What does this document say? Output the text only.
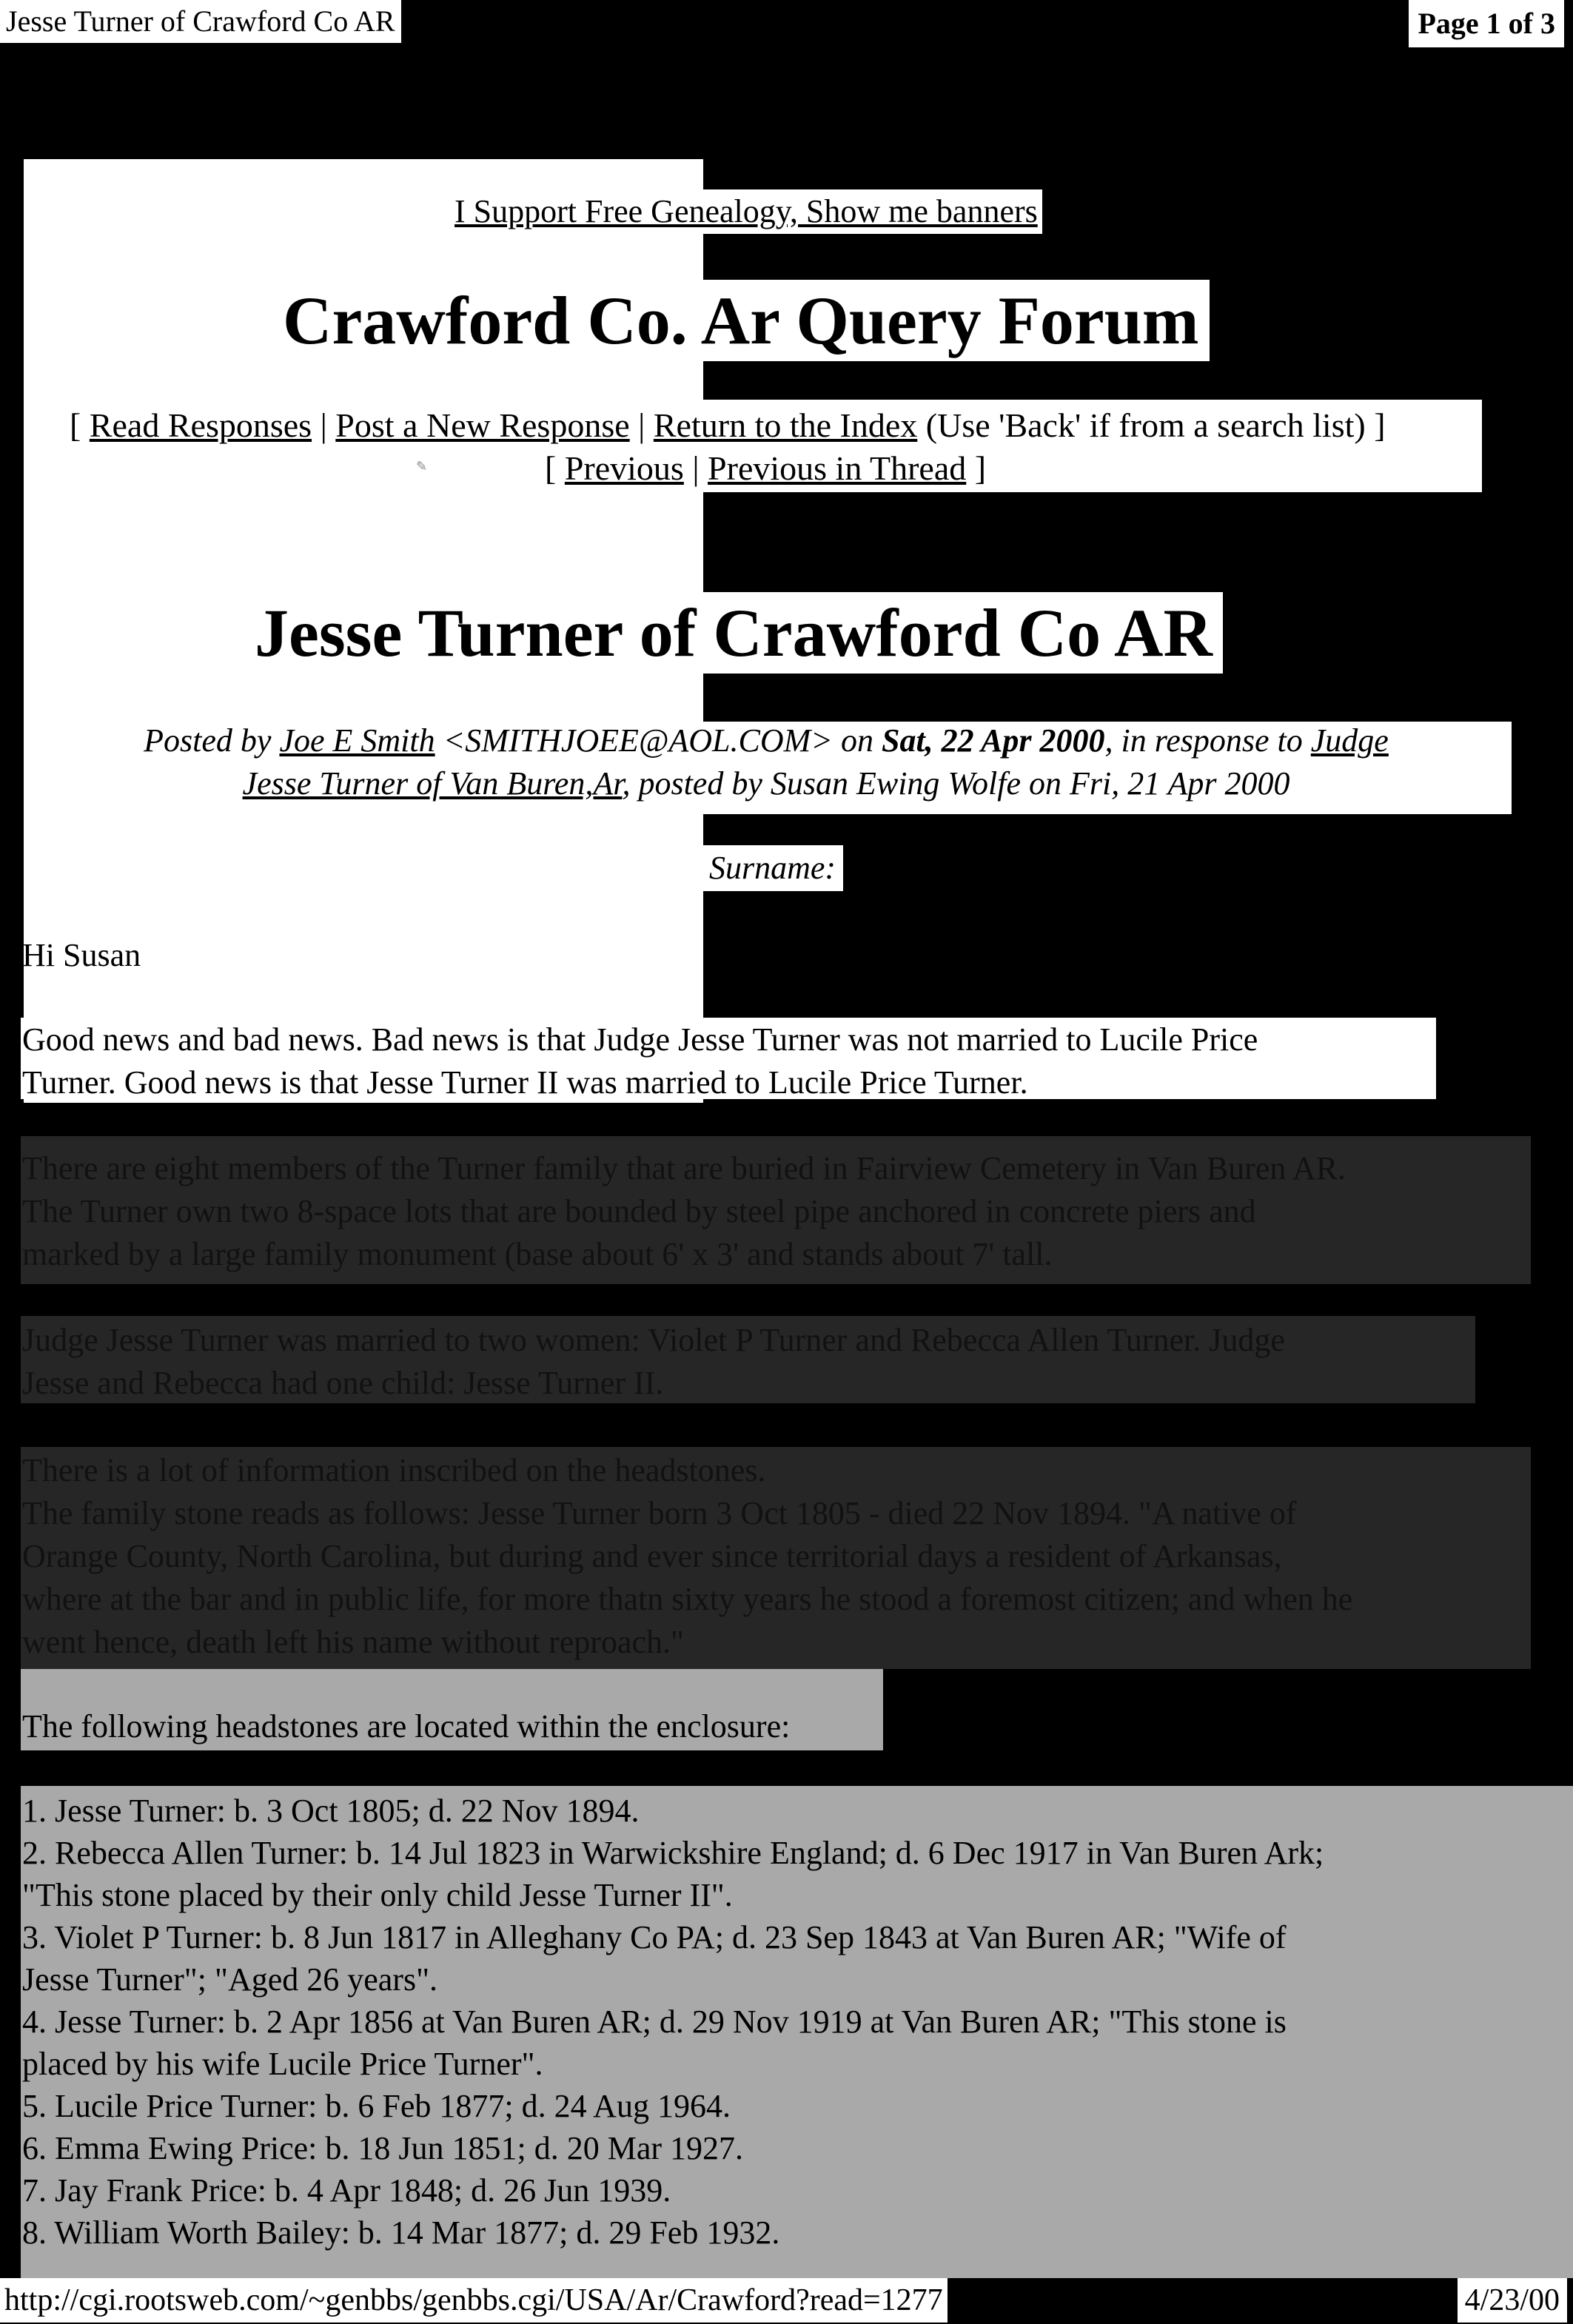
Jesse Turner of Crawford Co AR	Page 1 of 3
I Support Free Genealogy, Show me banners
Crawford Co. Ar Query Forum
[ Read Responses | Post a New Response | Return to the Index (Use 'Back' if from a search list) ]
[ Previous | Previous in Thread ]
✎
Jesse Turner of Crawford Co AR
Posted by Joe E Smith <SMITHJOEE@AOL.COM> on Sat, 22 Apr 2000, in response to Judge
Jesse Turner of Van Buren,Ar, posted by Susan Ewing Wolfe on Fri, 21 Apr 2000
Surname:
Hi Susan
Good news and bad news. Bad news is that Judge Jesse Turner was not married to Lucile Price
Turner. Good news is that Jesse Turner II was married to Lucile Price Turner.
There are eight members of the Turner family that are buried in Fairview Cemetery in Van Buren AR.
The Turner own two 8-space lots that are bounded by steel pipe anchored in concrete piers and
marked by a large family monument (base about 6' x 3' and stands about 7' tall.
Judge Jesse Turner was married to two women: Violet P Turner and Rebecca Allen Turner. Judge
Jesse and Rebecca had one child: Jesse Turner II.
There is a lot of information inscribed on the headstones.
The family stone reads as follows: Jesse Turner born 3 Oct 1805 - died 22 Nov 1894. "A native of
Orange County, North Carolina, but during and ever since territorial days a resident of Arkansas,
where at the bar and in public life, for more thatn sixty years he stood a foremost citizen; and when he
went hence, death left his name without reproach."
The following headstones are located within the enclosure:
1. Jesse Turner: b. 3 Oct 1805; d. 22 Nov 1894.
2. Rebecca Allen Turner: b. 14 Jul 1823 in Warwickshire England; d. 6 Dec 1917 in Van Buren Ark;
"This stone placed by their only child Jesse Turner II".
3. Violet P Turner: b. 8 Jun 1817 in Alleghany Co PA; d. 23 Sep 1843 at Van Buren AR; "Wife of
Jesse Turner"; "Aged 26 years".
4. Jesse Turner: b. 2 Apr 1856 at Van Buren AR; d. 29 Nov 1919 at Van Buren AR; "This stone is
placed by his wife Lucile Price Turner".
5. Lucile Price Turner: b. 6 Feb 1877; d. 24 Aug 1964.
6. Emma Ewing Price: b. 18 Jun 1851; d. 20 Mar 1927.
7. Jay Frank Price: b. 4 Apr 1848; d. 26 Jun 1939.
8. William Worth Bailey: b. 14 Mar 1877; d. 29 Feb 1932.
http://cgi.rootsweb.com/~genbbs/genbbs.cgi/USA/Ar/Crawford?read=1277	4/23/00
